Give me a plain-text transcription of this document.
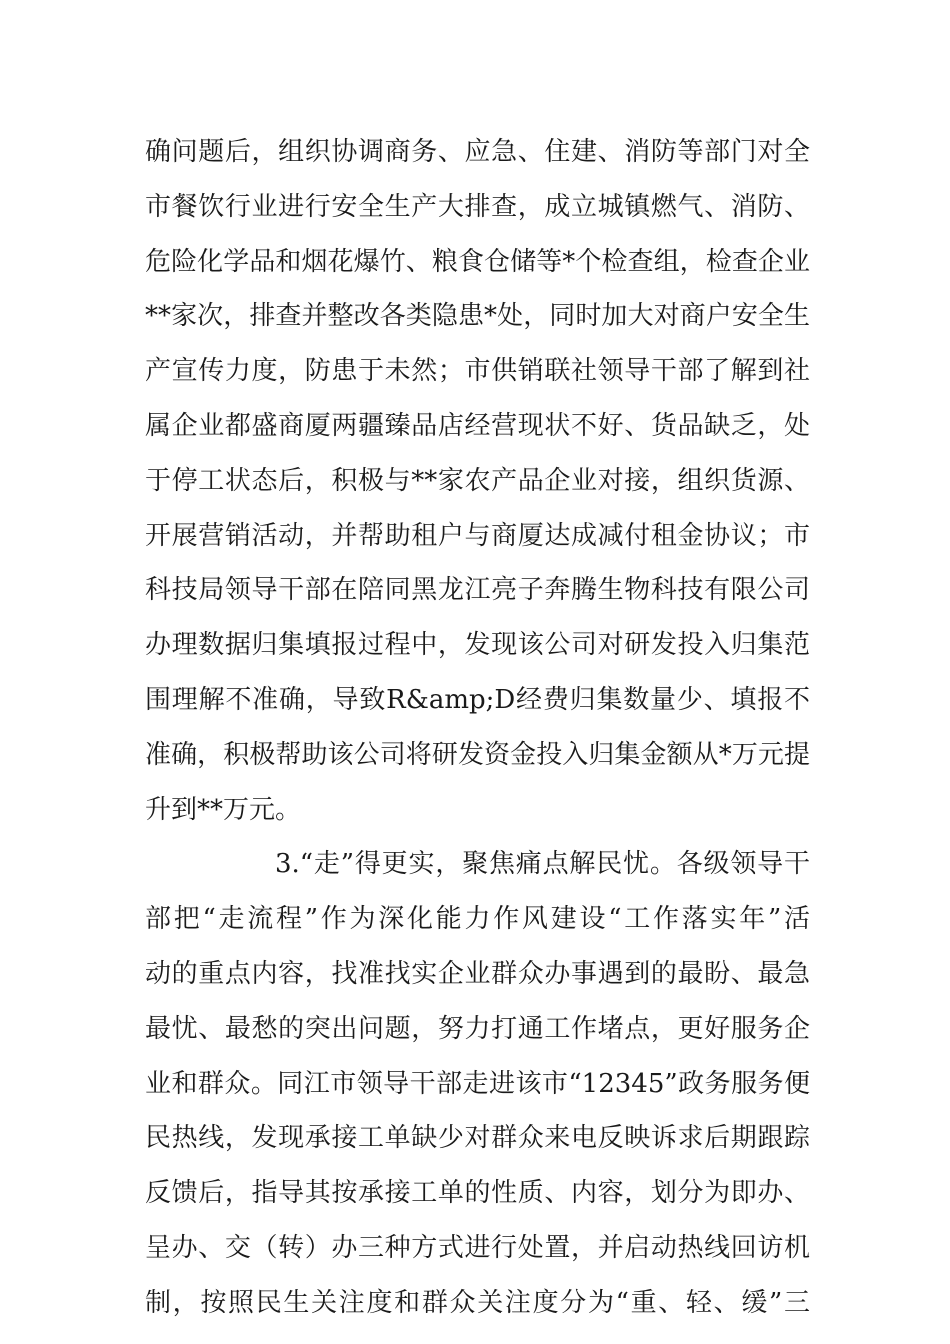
确问题后，组织协调商务、应急、住建、消防等部门对全
市餐饮行业进行安全生产大排查，成立城镇燃气、消防、
危险化学品和烟花爆竹、粮食仓储等*个检查组，检查企业
**家次，排查并整改各类隐患*处，同时加大对商户安全生
产宣传力度，防患于未然；市供销联社领导干部了解到社
属企业都盛商厦两疆臻品店经营现状不好、货品缺乏，处
于停工状态后，积极与**家农产品企业对接，组织货源、
开展营销活动，并帮助租户与商厦达成减付租金协议；市
科技局领导干部在陪同黑龙江亮子奔腾生物科技有限公司
办理数据归集填报过程中，发现该公司对研发投入归集范
围理解不准确，导致R&amp;D经费归集数量少、填报不
准确，积极帮助该公司将研发资金投入归集金额从*万元提
升到**万元。
3.“走”得更实，聚焦痛点解民忧。各级领导干
部把“走流程”作为深化能力作风建设“工作落实年”活
动的重点内容，找准找实企业群众办事遇到的最盼、最急
最忧、最愁的突出问题，努力打通工作堵点，更好服务企
业和群众。同江市领导干部走进该市“12345”政务服务便
民热线，发现承接工单缺少对群众来电反映诉求后期跟踪
反馈后，指导其按承接工单的性质、内容，划分为即办、
呈办、交（转）办三种方式进行处置，并启动热线回访机
制，按照民生关注度和群众关注度分为“重、轻、缓”三
